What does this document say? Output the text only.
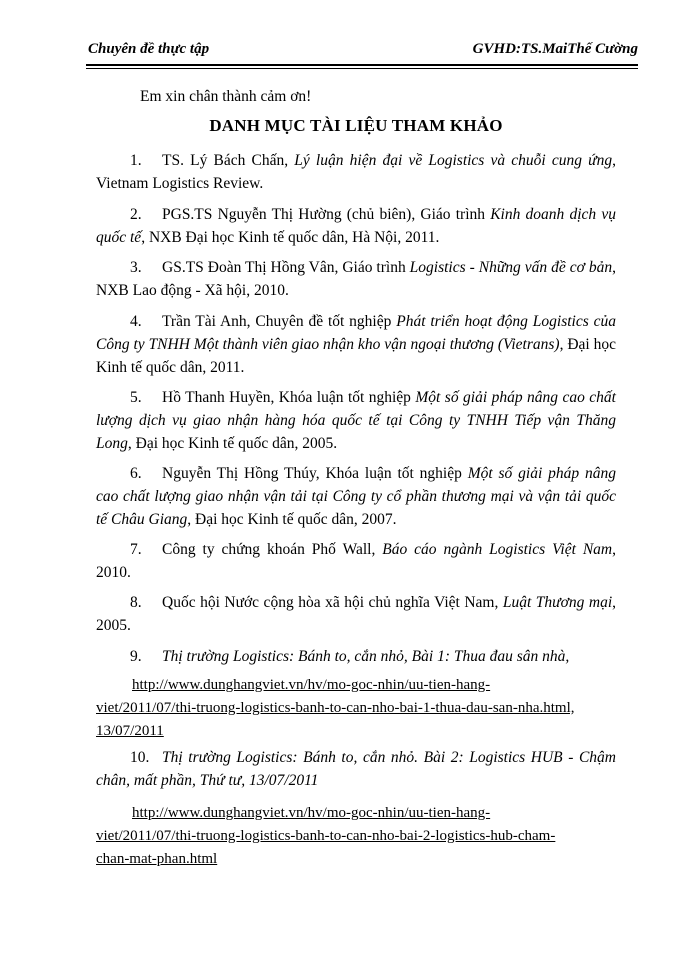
Chuyên đề thực tập	GVHD:TS.MaiThế Cường
Em xin chân thành cảm ơn!
DANH MỤC TÀI LIỆU THAM KHẢO
1. TS. Lý Bách Chấn, Lý luận hiện đại về Logistics và chuỗi cung ứng, Vietnam Logistics Review.
2. PGS.TS Nguyễn Thị Hường (chủ biên), Giáo trình Kinh doanh dịch vụ quốc tế, NXB Đại học Kinh tế quốc dân, Hà Nội, 2011.
3. GS.TS Đoàn Thị Hồng Vân, Giáo trình Logistics - Những vấn đề cơ bản, NXB Lao động - Xã hội, 2010.
4. Trần Tài Anh, Chuyên đề tốt nghiệp Phát triển hoạt động Logistics của Công ty TNHH Một thành viên giao nhận kho vận ngoại thương (Vietrans), Đại học Kinh tế quốc dân, 2011.
5. Hồ Thanh Huyền, Khóa luận tốt nghiệp Một số giải pháp nâng cao chất lượng dịch vụ giao nhận hàng hóa quốc tế tại Công ty TNHH Tiếp vận Thăng Long, Đại học Kinh tế quốc dân, 2005.
6. Nguyễn Thị Hồng Thúy, Khóa luận tốt nghiệp Một số giải pháp nâng cao chất lượng giao nhận vận tải tại Công ty cổ phần thương mại và vận tải quốc tế Châu Giang, Đại học Kinh tế quốc dân, 2007.
7. Công ty chứng khoán Phố Wall, Báo cáo ngành Logistics Việt Nam, 2010.
8. Quốc hội Nước cộng hòa xã hội chủ nghĩa Việt Nam, Luật Thương mại, 2005.
9. Thị trường Logistics: Bánh to, cắn nhỏ, Bài 1: Thua đau sân nhà,
http://www.dunghangviet.vn/hv/mo-goc-nhin/uu-tien-hang-
viet/2011/07/thi-truong-logistics-banh-to-can-nho-bai-1-thua-dau-san-nha.html,
13/07/2011
10. Thị trường Logistics: Bánh to, cắn nhỏ. Bài 2: Logistics HUB - Chậm chân, mất phần, Thứ tư, 13/07/2011
http://www.dunghangviet.vn/hv/mo-goc-nhin/uu-tien-hang-
viet/2011/07/thi-truong-logistics-banh-to-can-nho-bai-2-logistics-hub-cham-
chan-mat-phan.html
